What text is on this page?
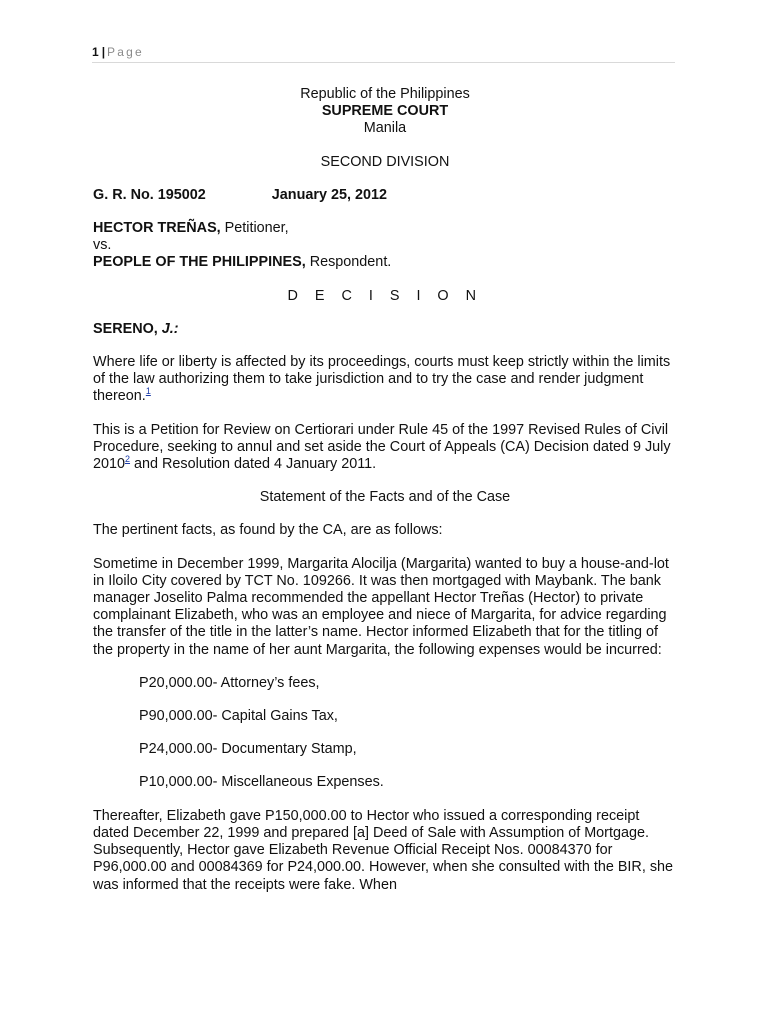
1 | Page
Republic of the Philippines
SUPREME COURT
Manila
SECOND DIVISION
G. R. No. 195002	January 25, 2012
HECTOR TREÑAS, Petitioner,
vs.
PEOPLE OF THE PHILIPPINES, Respondent.
D E C I S I O N
SERENO, J.:

Where life or liberty is affected by its proceedings, courts must keep strictly within the limits of the law authorizing them to take jurisdiction and to try the case and render judgment thereon.$^1$

This is a Petition for Review on Certiorari under Rule 45 of the 1997 Revised Rules of Civil Procedure, seeking to annul and set aside the Court of Appeals (CA) Decision dated 9 July 2010$^2$ and Resolution dated 4 January 2011.

Statement of the Facts and of the Case

The pertinent facts, as found by the CA, are as follows:

Sometime in December 1999, Margarita Alocilja (Margarita) wanted to buy a house-and-lot in Iloilo City covered by TCT No. 109266. It was then mortgaged with Maybank. The bank manager Joselito Palma recommended the appellant Hector Treñas (Hector) to private complainant Elizabeth, who was an employee and niece of Margarita, for advice regarding the transfer of the title in the latter’s name. Hector informed Elizabeth that for the titling of the property in the name of her aunt Margarita, the following expenses would be incurred:

P20,000.00- Attorney’s fees,
P90,000.00- Capital Gains Tax,
P24,000.00- Documentary Stamp,
P10,000.00- Miscellaneous Expenses.

Thereafter, Elizabeth gave P150,000.00 to Hector who issued a corresponding receipt dated December 22, 1999 and prepared [a] Deed of Sale with Assumption of Mortgage. Subsequently, Hector gave Elizabeth Revenue Official Receipt Nos. 00084370 for P96,000.00 and 00084369 for P24,000.00. However, when she consulted with the BIR, she was informed that the receipts were fake. When
